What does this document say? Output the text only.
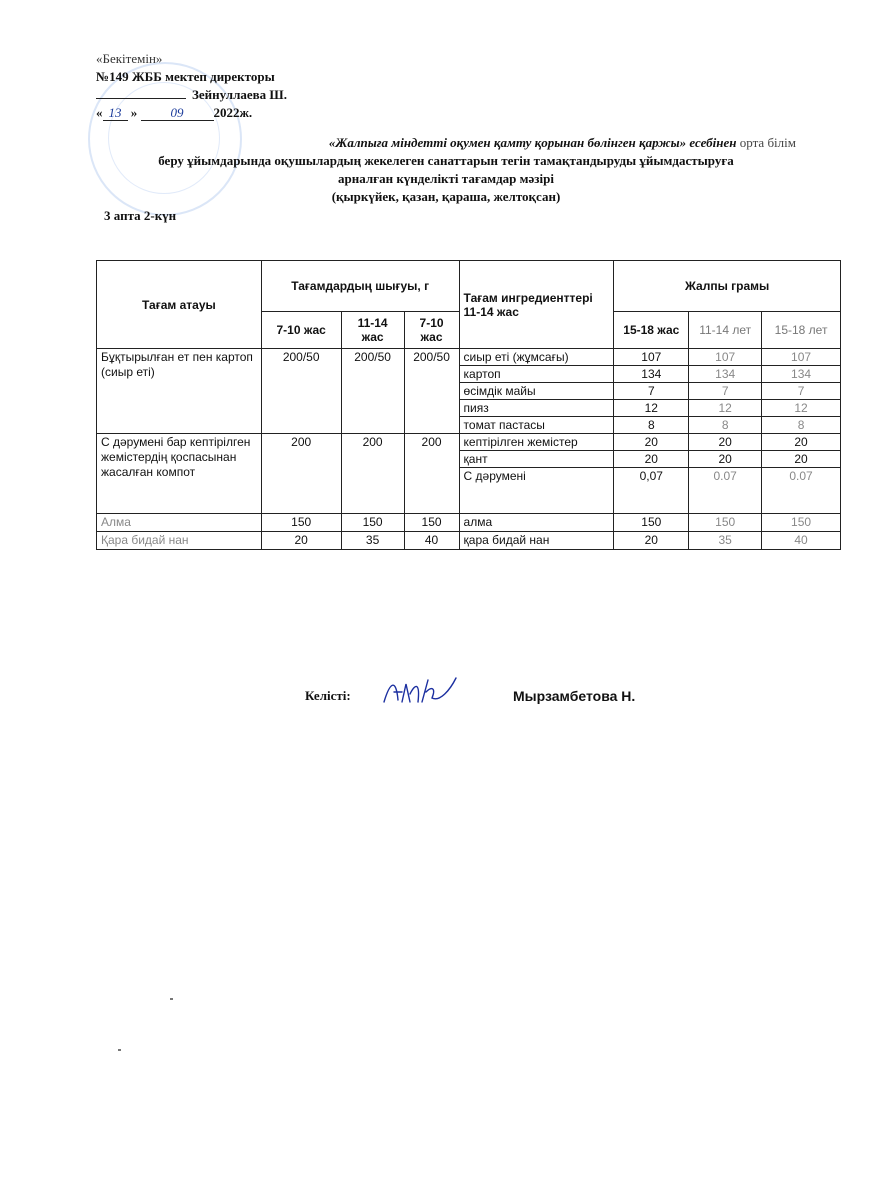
«Бекітемін»
№149 ЖББ мектеп директоры
Зейнуллаева Ш.
« 13 »	09 2022ж.
«Жалпыға міндетті оқумен қамту қорынан бөлінген қаржы» есебінен орта білім
беру ұйымдарында оқушылардың жекелеген санаттарын тегін тамақтандыруды ұйымдастыруға
арналған күнделікті тағамдар мәзірі
(қыркүйек, қазан, қараша, желтоқсан)
3 апта 2-күн
Тағам атауы	Тағамдардың шығуы, г			Тағам ингредиенттері 11-14 жас	Жалпы грамы		
	7-10 жас	11-14 жас	7-10 жас		15-18 жас	11-14 лет	15-18 лет
Бұқтырылған ет пен картоп (сиыр еті)	200/50	200/50	200/50	сиыр еті (жұмсағы)	107	107	107
				картоп	134	134	134
				өсімдік майы	7	7	7
				пияз	12	12	12
				томат пастасы	8	8	8
С дәрумені бар кептірілген жемістердің қоспасынан жасалған компот	200	200	200	кептірілген жемістер	20	20	20
				қант	20	20	20
				С дәрумені	0,07	0.07	0.07
Алма	150	150	150	алма	150	150	150
Қара бидай нан	20	35	40	қара бидай нан	20	35	40
Келісті:	Мырзамбетова Н.
